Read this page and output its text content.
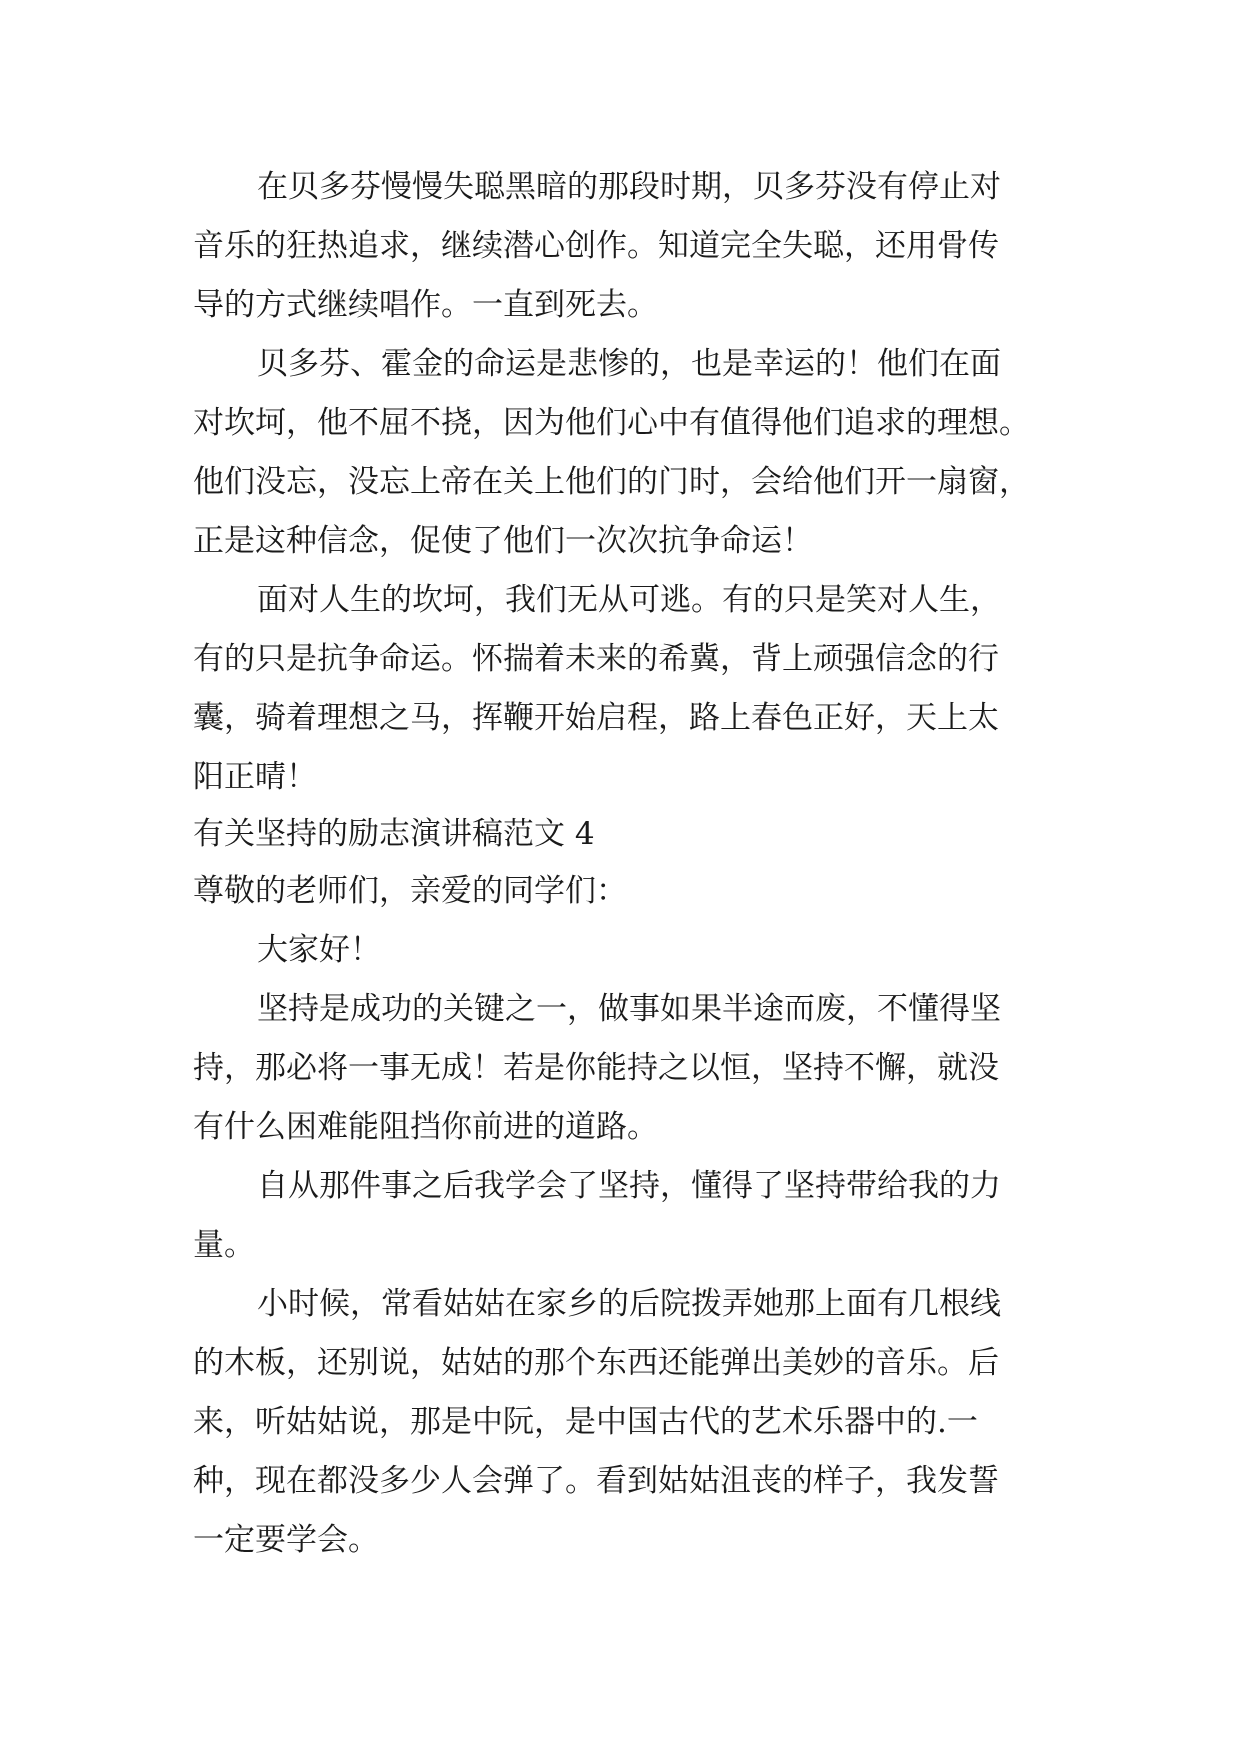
在贝多芬慢慢失聪黑暗的那段时期，贝多芬没有停止对
音乐的狂热追求，继续潜心创作。知道完全失聪，还用骨传
导的方式继续唱作。一直到死去。
贝多芬、霍金的命运是悲惨的，也是幸运的！他们在面
对坎坷，他不屈不挠，因为他们心中有值得他们追求的理想。
他们没忘，没忘上帝在关上他们的门时，会给他们开一扇窗，
正是这种信念，促使了他们一次次抗争命运！
面对人生的坎坷，我们无从可逃。有的只是笑对人生，
有的只是抗争命运。怀揣着未来的希冀，背上顽强信念的行
囊，骑着理想之马，挥鞭开始启程，路上春色正好，天上太
阳正晴！
有关坚持的励志演讲稿范文 4
尊敬的老师们，亲爱的同学们：
大家好！
坚持是成功的关键之一，做事如果半途而废，不懂得坚
持，那必将一事无成！若是你能持之以恒，坚持不懈，就没
有什么困难能阻挡你前进的道路。
自从那件事之后我学会了坚持，懂得了坚持带给我的力
量。
小时候，常看姑姑在家乡的后院拨弄她那上面有几根线
的木板，还别说，姑姑的那个东西还能弹出美妙的音乐。后
来，听姑姑说，那是中阮，是中国古代的艺术乐器中的.一
种，现在都没多少人会弹了。看到姑姑沮丧的样子，我发誓
一定要学会。
